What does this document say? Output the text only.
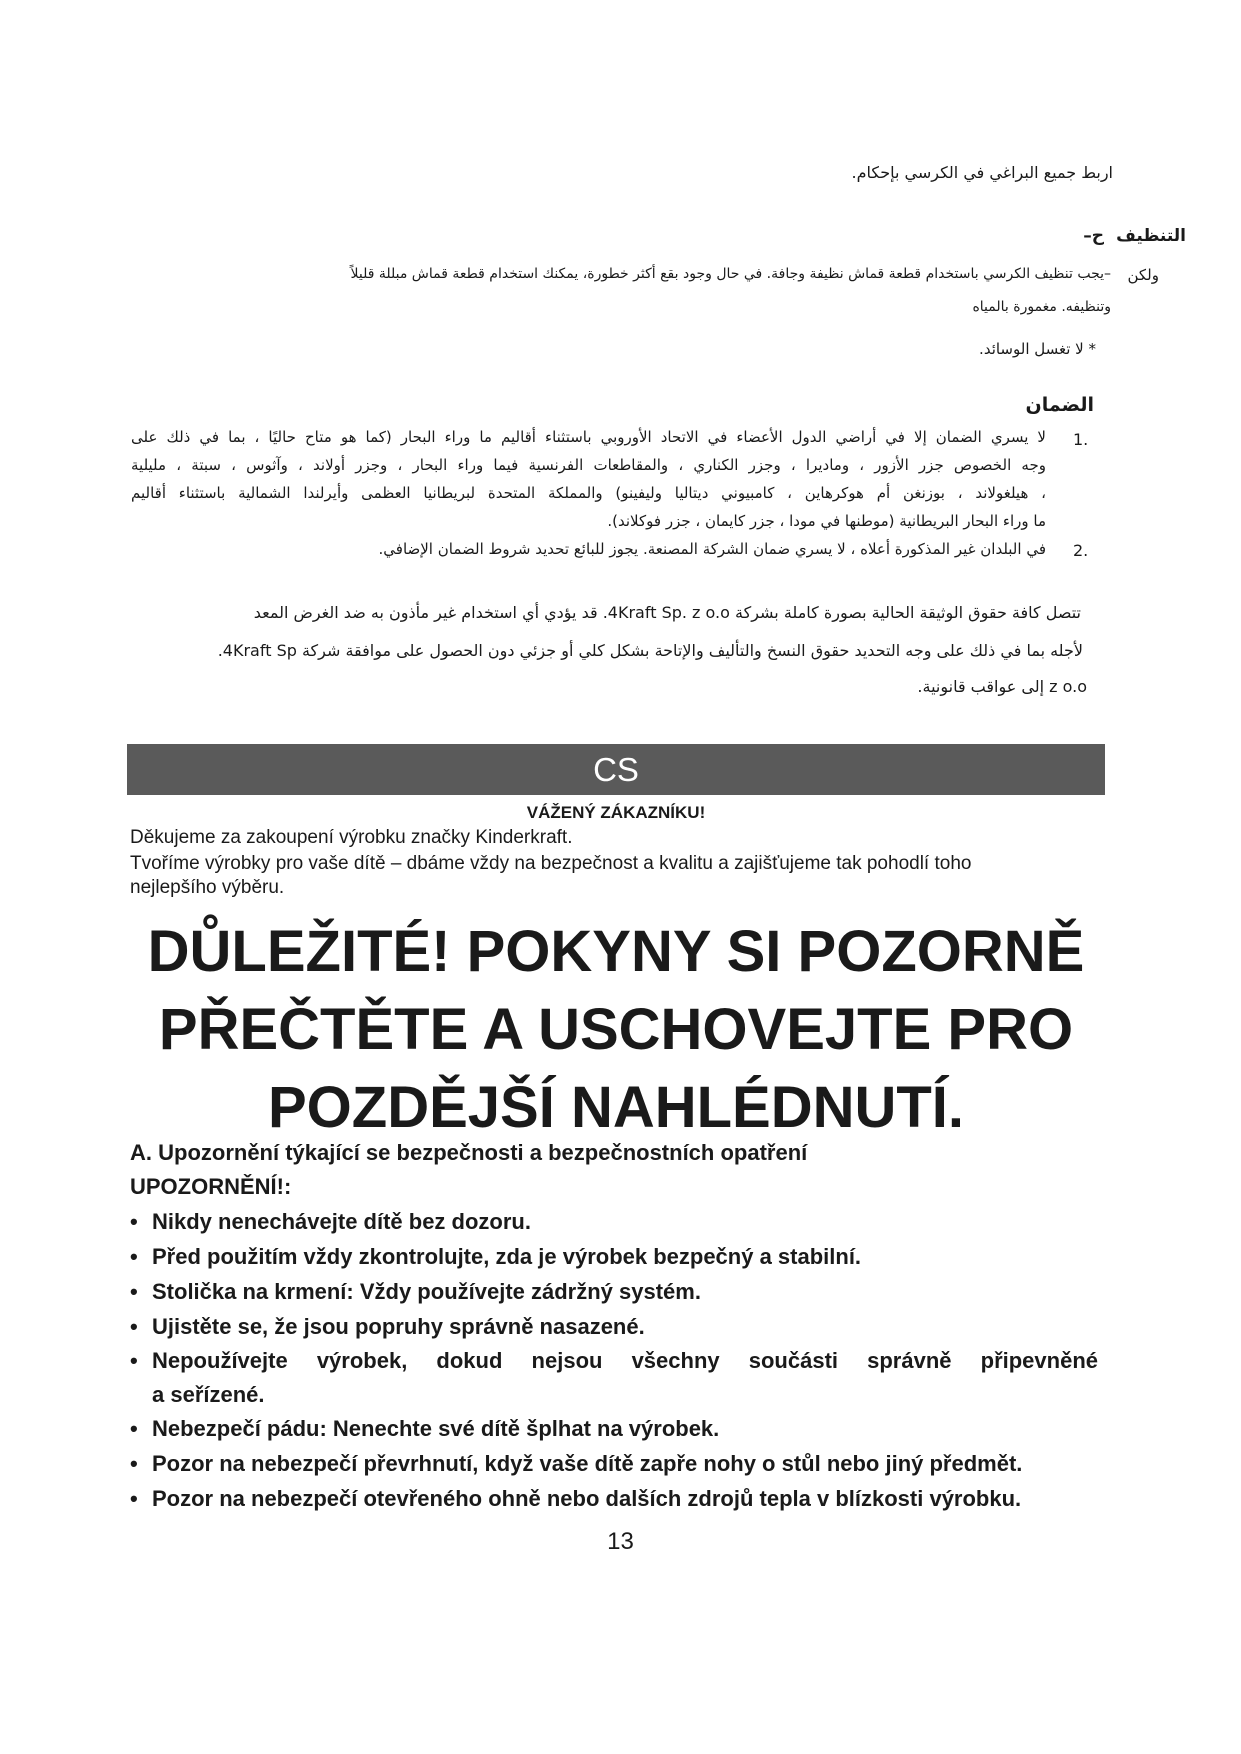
اربط جميع البراغي في الكرسي بإحكام.
التنظيف
ح–
ولكن
–يجب تنظيف الكرسي باستخدام قطعة قماش نظيفة وجافة. في حال وجود بقع أكثر خطورة، يمكنك استخدام قطعة قماش مبللة قليلاً
وتنظيفه. مغمورة بالمياه
* لا تغسل الوسائد.
الضمان
1.
لا يسري الضمان إلا في أراضي الدول الأعضاء في الاتحاد الأوروبي باستثناء أقاليم ما وراء البحار (كما هو متاح حاليًا ، بما في ذلك على
وجه الخصوص جزر الأزور ، وماديرا ، وجزر الكناري ، والمقاطعات الفرنسية فيما وراء البحار ، وجزر أولاند ، وآثوس ، سبتة ، مليلية
، هيلغولاند ، بوزنغن أم هوكرهاين ، كامبيوني ديتاليا وليفينو) والمملكة المتحدة لبريطانيا العظمى وأيرلندا الشمالية باستثناء أقاليم
ما وراء البحار البريطانية (موطنها في مودا ، جزر كايمان ، جزر فوكلاند).
2.
في البلدان غير المذكورة أعلاه ، لا يسري ضمان الشركة المصنعة. يجوز للبائع تحديد شروط الضمان الإضافي.
تتصل كافة حقوق الوثيقة الحالية بصورة كاملة بشركة 4Kraft Sp. z o.o. قد يؤدي أي استخدام غير مأذون به ضد الغرض المعد
لأجله بما في ذلك على وجه التحديد حقوق النسخ والتأليف والإتاحة بشكل كلي أو جزئي دون الحصول على موافقة شركة 4Kraft Sp.
z o.o إلى عواقب قانونية.
CS
VÁŽENÝ ZÁKAZNÍKU!
Děkujeme za zakoupení výrobku značky Kinderkraft.
Tvoříme výrobky pro vaše dítě – dbáme vždy na bezpečnost a kvalitu a zajišťujeme tak pohodlí toho
nejlepšího výběru.
DŮLEŽITÉ! POKYNY SI POZORNĚ
PŘEČTĚTE A USCHOVEJTE PRO
POZDĚJŠÍ NAHLÉDNUTÍ.
A. Upozornění týkající se bezpečnosti a bezpečnostních opatření
UPOZORNĚNÍ!:
• Nikdy nenechávejte dítě bez dozoru.
• Před použitím vždy zkontrolujte, zda je výrobek bezpečný a stabilní.
• Stolička na krmení: Vždy používejte zádržný systém.
• Ujistěte se, že jsou popruhy správně nasazené.
• Nepoužívejte výrobek, dokud nejsou všechny součásti správně připevněné
a seřízené.
• Nebezpečí pádu: Nenechte své dítě šplhat na výrobek.
• Pozor na nebezpečí převrhnutí, když vaše dítě zapře nohy o stůl nebo jiný předmět.
• Pozor na nebezpečí otevřeného ohně nebo dalších zdrojů tepla v blízkosti výrobku.
13
